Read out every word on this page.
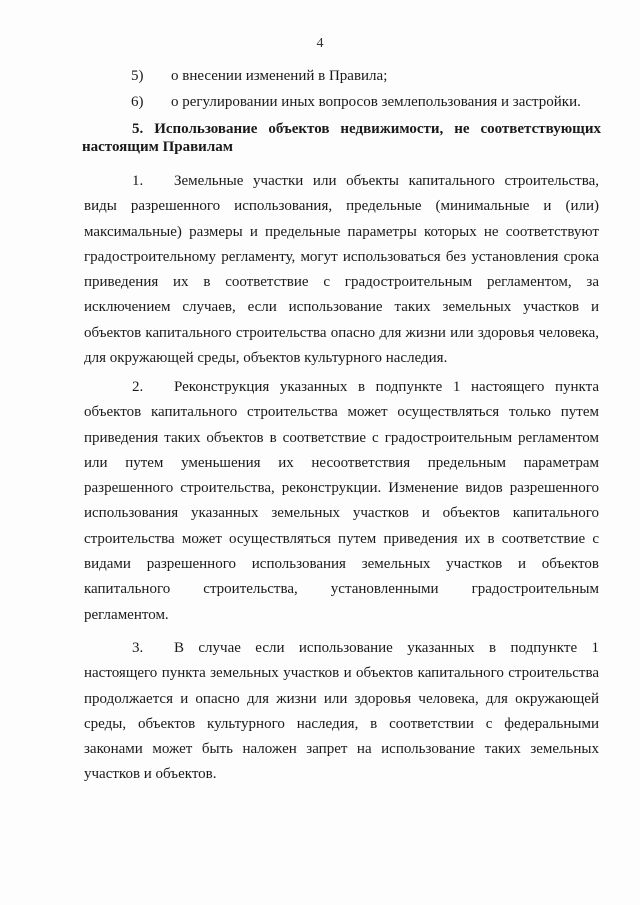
4
5) о внесении изменений в Правила;
6) о регулировании иных вопросов землепользования и застройки.
5. Использование объектов недвижимости, не соответствующих
настоящим Правилам

1. Земельные участки или объекты капитального строительства, виды разрешенного использования, предельные (минимальные и (или) максимальные) размеры и предельные параметры которых не соответствуют градостроительному регламенту, могут использоваться без установления срока приведения их в соответствие с градостроительным регламентом, за исключением случаев, если использование таких земельных участков и объектов капитального строительства опасно для жизни или здоровья человека, для окружающей среды, объектов культурного наследия.

2. Реконструкция указанных в подпункте 1 настоящего пункта объектов капитального строительства может осуществляться только путем приведения таких объектов в соответствие с градостроительным регламентом или путем уменьшения их несоответствия предельным параметрам разрешенного строительства, реконструкции. Изменение видов разрешенного использования указанных земельных участков и объектов капитального строительства может осуществляться путем приведения их в соответствие с видами разрешенного использования земельных участков и объектов капитального строительства, установленными градостроительным регламентом.

3. В случае если использование указанных в подпункте 1 настоящего пункта земельных участков и объектов капитального строительства продолжается и опасно для жизни или здоровья человека, для окружающей среды, объектов культурного наследия, в соответствии с федеральными законами может быть наложен запрет на использование таких земельных участков и объектов.
